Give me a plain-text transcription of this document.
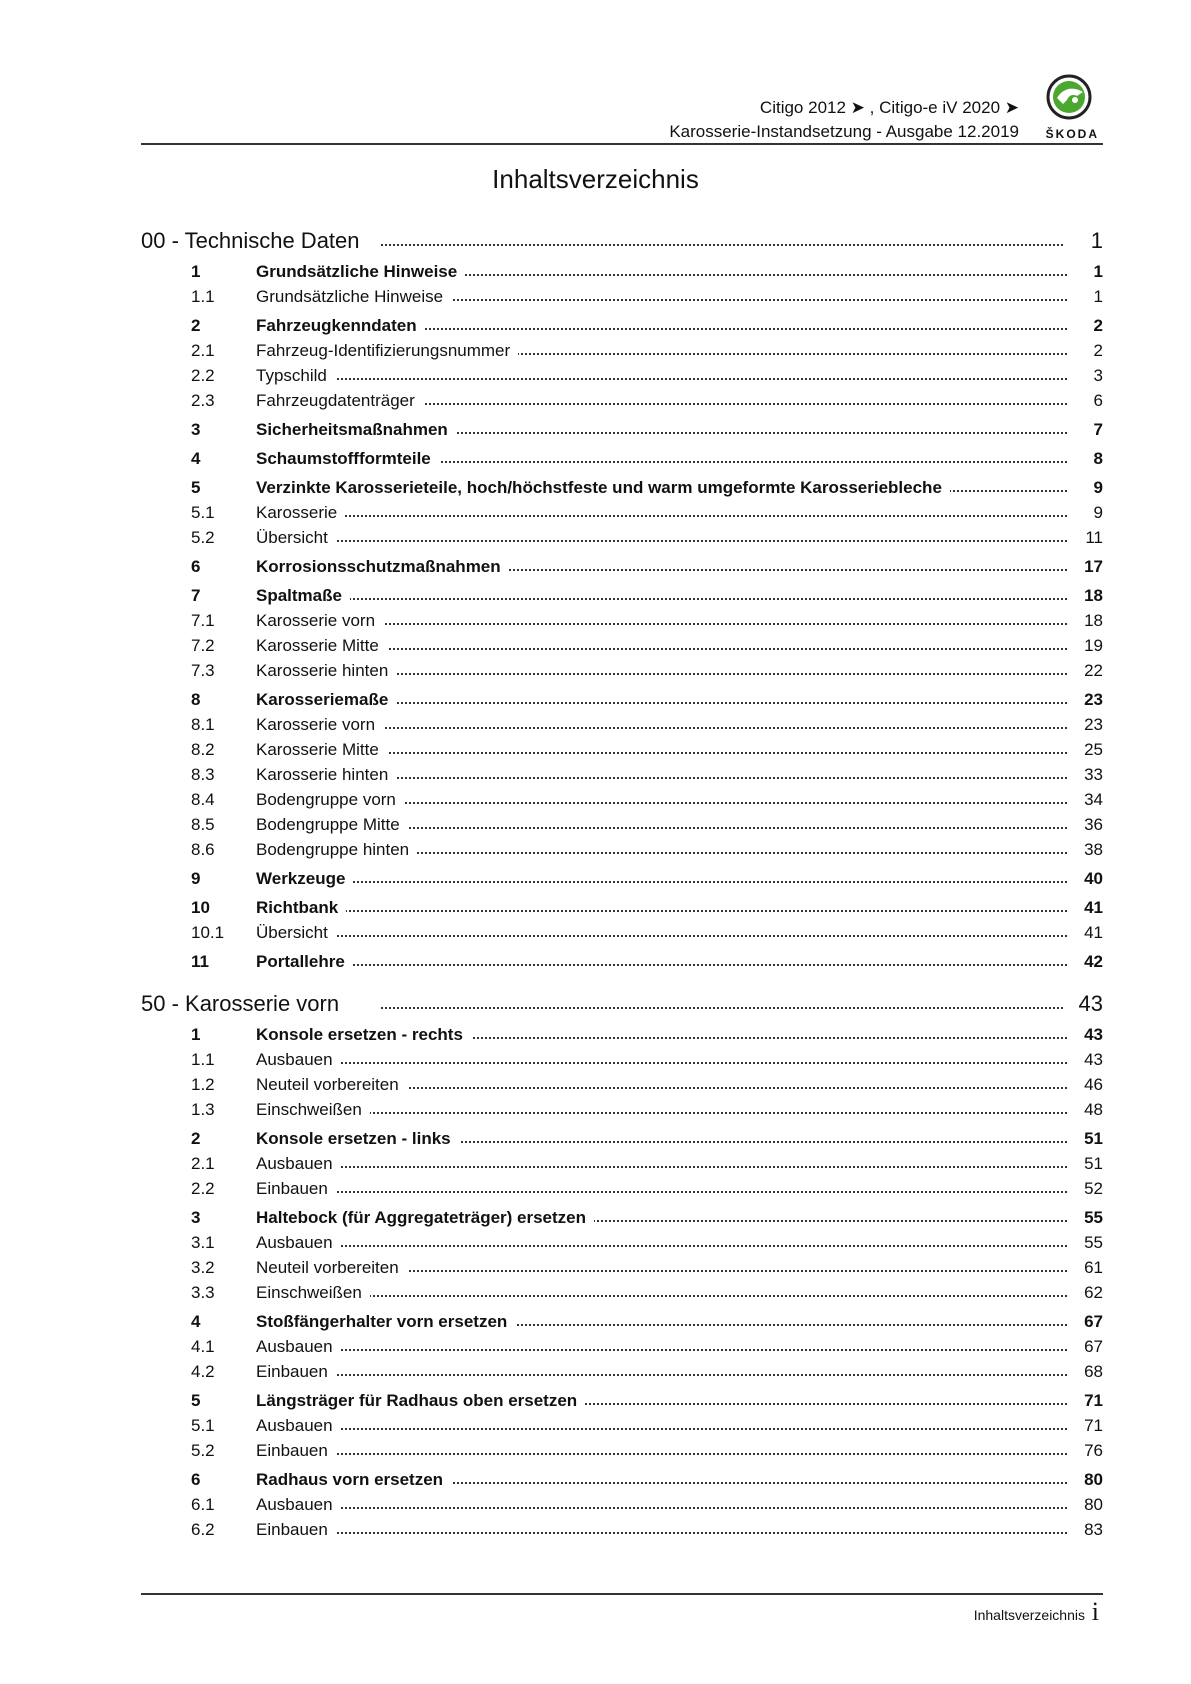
Citigo 2012 ➤ , Citigo-e iV 2020 ➤
Karosserie-Instandsetzung - Ausgabe 12.2019 ŠKODA
Inhaltsverzeichnis
00 - Technische Daten	1
1	Grundsätzliche Hinweise	1
1.1 Grundsätzliche Hinweise	1
2	Fahrzeugkenndaten	2
2.1 Fahrzeug-Identifizierungsnummer	2
2.2 Typschild	3
2.3 Fahrzeugdatenträger	6
3	Sicherheitsmaßnahmen	7
4	Schaumstoffformteile	8
5	Verzinkte Karosserieteile, hoch/höchstfeste und warm umgeformte Karosseriebleche	9
5.1 Karosserie	9
5.2 Übersicht	11
6	Korrosionsschutzmaßnahmen	17
7	Spaltmaße	18
7.1 Karosserie vorn	18
7.2 Karosserie Mitte	19
7.3 Karosserie hinten	22
8	Karosseriemaße	23
8.1 Karosserie vorn	23
8.2 Karosserie Mitte	25
8.3 Karosserie hinten	33
8.4 Bodengruppe vorn	34
8.5 Bodengruppe Mitte	36
8.6 Bodengruppe hinten	38
9	Werkzeuge	40
10	Richtbank	41
10.1 Übersicht	41
11	Portallehre	42
50 - Karosserie vorn	43
1	Konsole ersetzen - rechts	43
1.1 Ausbauen	43
1.2 Neuteil vorbereiten	46
1.3 Einschweißen	48
2	Konsole ersetzen - links	51
2.1 Ausbauen	51
2.2 Einbauen	52
3	Haltebock (für Aggregateträger) ersetzen	55
3.1 Ausbauen	55
3.2 Neuteil vorbereiten	61
3.3 Einschweißen	62
4	Stoßfängerhalter vorn ersetzen	67
4.1 Ausbauen	67
4.2 Einbauen	68
5	Längsträger für Radhaus oben ersetzen	71
5.1 Ausbauen	71
5.2 Einbauen	76
6	Radhaus vorn ersetzen	80
6.1 Ausbauen	80
6.2 Einbauen	83
Inhaltsverzeichnis i
